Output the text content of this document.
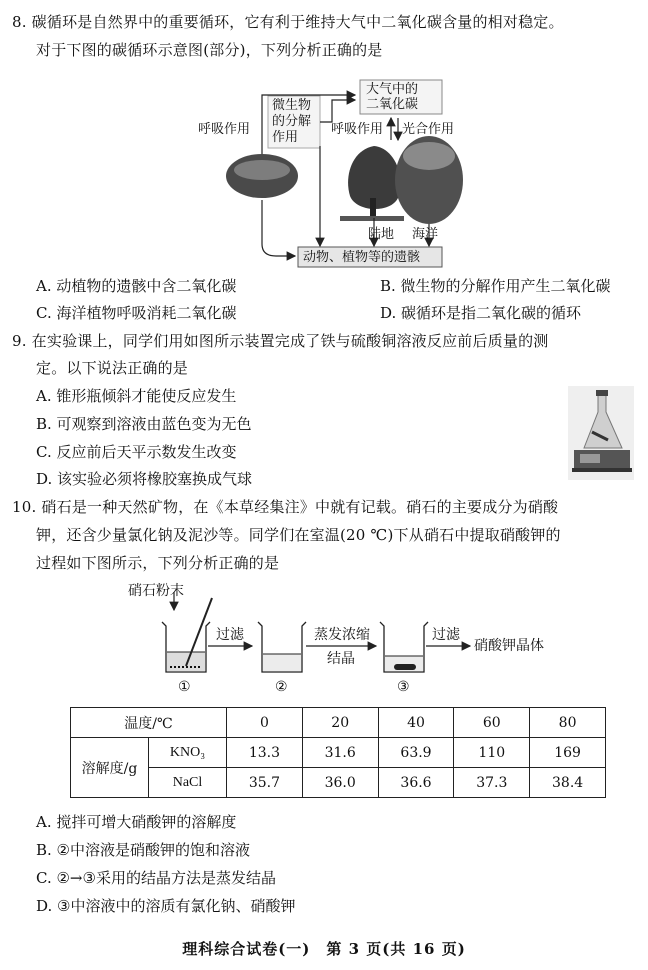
8. 碳循环是自然界中的重要循环，它有利于维持大气中二氧化碳含量的相对稳定。
对于下图的碳循环示意图(部分)，下列分析正确的是
大气中的
二氧化碳
微生物
的分解
作用
呼吸作用	呼吸作用 光合作用
陆地 海洋
动物、植物等的遗骸
A. 动植物的遗骸中含二氧化碳	B. 微生物的分解作用产生二氧化碳
C. 海洋植物呼吸消耗二氧化碳	D. 碳循环是指二氧化碳的循环
9. 在实验课上，同学们用如图所示装置完成了铁与硫酸铜溶液反应前后质量的测
定。以下说法正确的是
A. 锥形瓶倾斜才能使反应发生
B. 可观察到溶液由蓝色变为无色
C. 反应前后天平示数发生改变
D. 该实验必须将橡胶塞换成气球
10. 硝石是一种天然矿物，在《本草经集注》中就有记载。硝石的主要成分为硝酸
钾，还含少量氯化钠及泥沙等。同学们在室温(20 ℃)下从硝石中提取硝酸钾的
过程如下图所示，下列分析正确的是
硝石粉末
过滤	蒸发浓缩
结晶
过滤
硝酸钾晶体
①	②	③
温度/℃		0	20	40	60	80
溶解度/g	KNO₃	13.3	31.6	63.9	110	169
	NaCl	35.7	36.0	36.6	37.3	38.4
A. 搅拌可增大硝酸钾的溶解度
B. ②中溶液是硝酸钾的饱和溶液
C. ②→③采用的结晶方法是蒸发结晶
D. ③中溶液中的溶质有氯化钠、硝酸钾
理科综合试卷(一)　第 3 页(共 16 页)
